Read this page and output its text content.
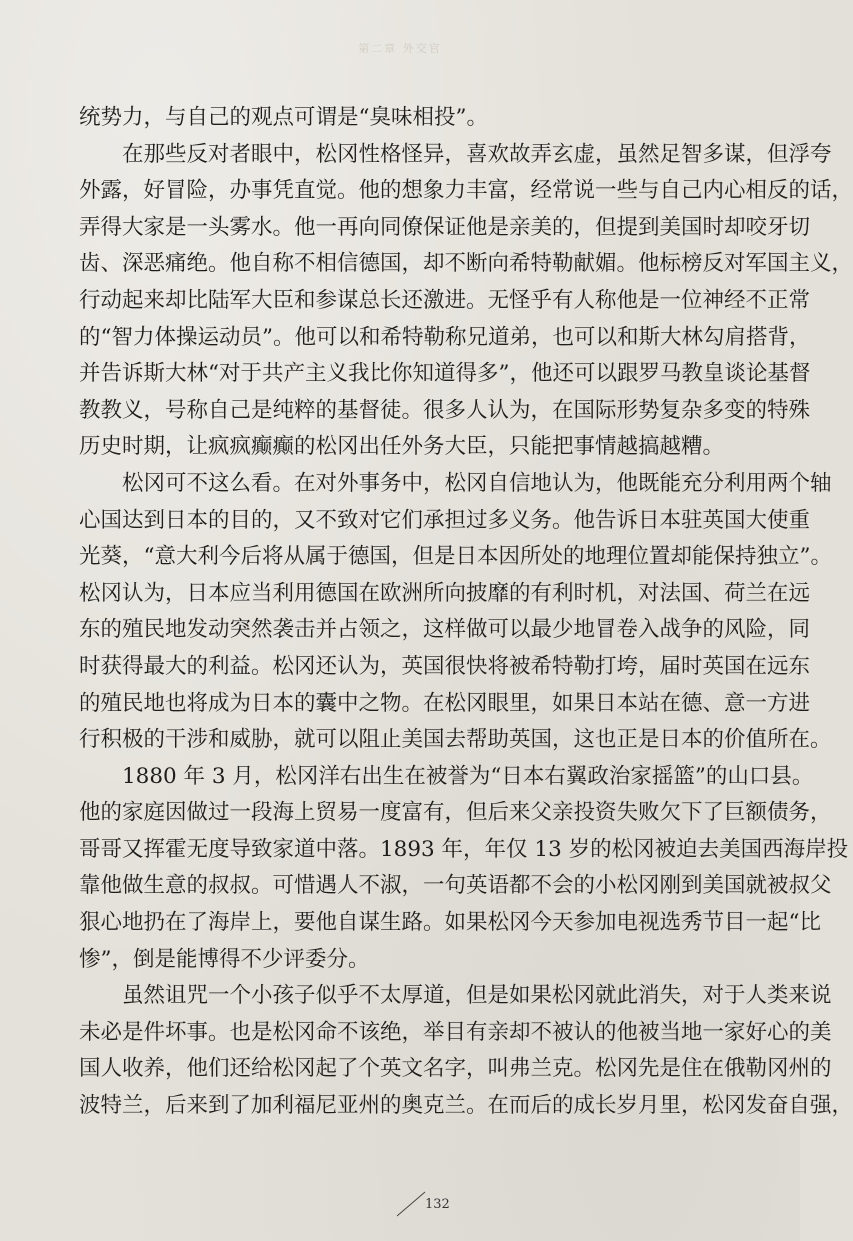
第二章 外交官
统势力，与自己的观点可谓是“臭味相投”。
在那些反对者眼中，松冈性格怪异，喜欢故弄玄虚，虽然足智多谋，但浮夸
外露，好冒险，办事凭直觉。他的想象力丰富，经常说一些与自己内心相反的话，
弄得大家是一头雾水。他一再向同僚保证他是亲美的，但提到美国时却咬牙切
齿、深恶痛绝。他自称不相信德国，却不断向希特勒献媚。他标榜反对军国主义，
行动起来却比陆军大臣和参谋总长还激进。无怪乎有人称他是一位神经不正常
的“智力体操运动员”。他可以和希特勒称兄道弟，也可以和斯大林勾肩搭背，
并告诉斯大林“对于共产主义我比你知道得多”，他还可以跟罗马教皇谈论基督
教教义，号称自己是纯粹的基督徒。很多人认为，在国际形势复杂多变的特殊
历史时期，让疯疯癫癫的松冈出任外务大臣，只能把事情越搞越糟。
松冈可不这么看。在对外事务中，松冈自信地认为，他既能充分利用两个轴
心国达到日本的目的，又不致对它们承担过多义务。他告诉日本驻英国大使重
光葵，“意大利今后将从属于德国，但是日本因所处的地理位置却能保持独立”。
松冈认为，日本应当利用德国在欧洲所向披靡的有利时机，对法国、荷兰在远
东的殖民地发动突然袭击并占领之，这样做可以最少地冒卷入战争的风险，同
时获得最大的利益。松冈还认为，英国很快将被希特勒打垮，届时英国在远东
的殖民地也将成为日本的囊中之物。在松冈眼里，如果日本站在德、意一方进
行积极的干涉和威胁，就可以阻止美国去帮助英国，这也正是日本的价值所在。
1880 年 3 月，松冈洋右出生在被誉为“日本右翼政治家摇篮”的山口县。
他的家庭因做过一段海上贸易一度富有，但后来父亲投资失败欠下了巨额债务，
哥哥又挥霍无度导致家道中落。1893 年，年仅 13 岁的松冈被迫去美国西海岸投
靠他做生意的叔叔。可惜遇人不淑，一句英语都不会的小松冈刚到美国就被叔父
狠心地扔在了海岸上，要他自谋生路。如果松冈今天参加电视选秀节目一起“比
惨”，倒是能博得不少评委分。
虽然诅咒一个小孩子似乎不太厚道，但是如果松冈就此消失，对于人类来说
未必是件坏事。也是松冈命不该绝，举目有亲却不被认的他被当地一家好心的美
国人收养，他们还给松冈起了个英文名字，叫弗兰克。松冈先是住在俄勒冈州的
波特兰，后来到了加利福尼亚州的奥克兰。在而后的成长岁月里，松冈发奋自强，
132
